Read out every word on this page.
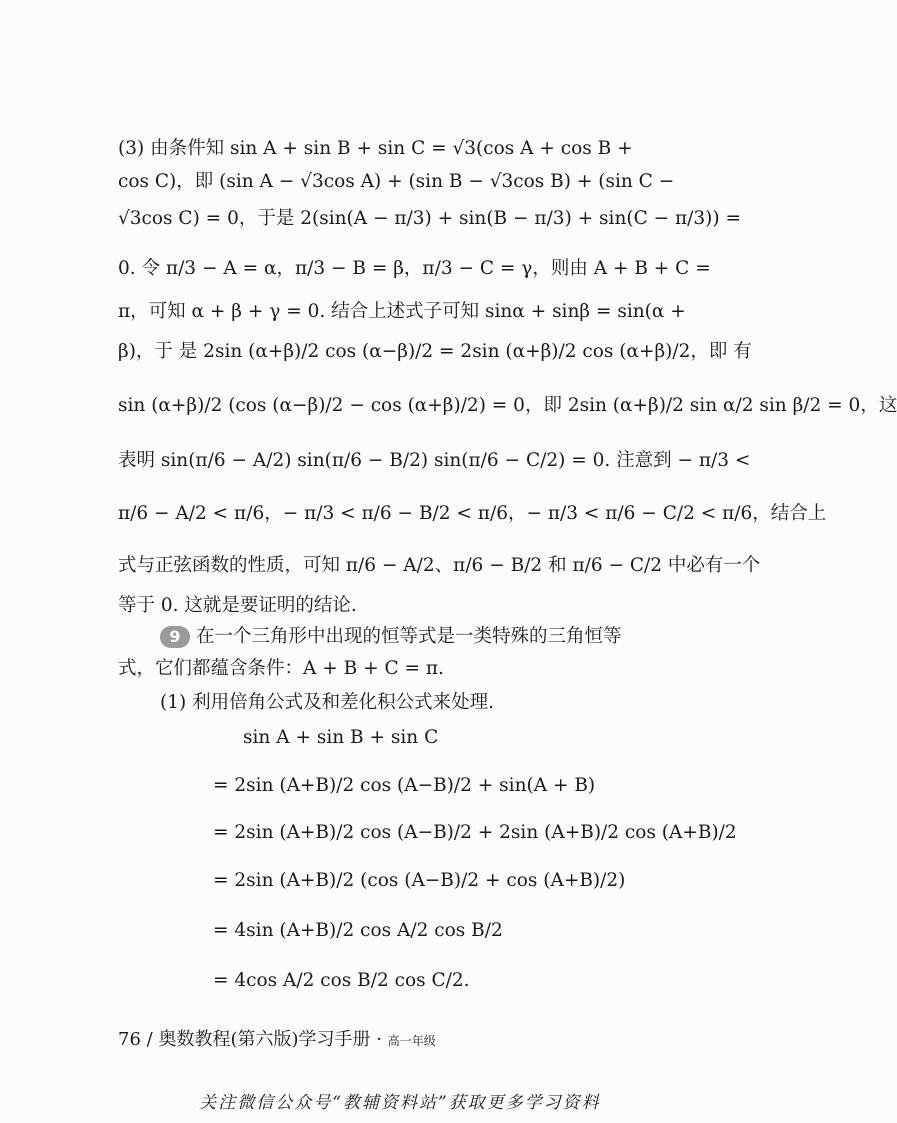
(3) 由条件知 sin A + sin B + sin C = √3(cos A + cos B +
cos C)，即 (sin A − √3cos A) + (sin B − √3cos B) + (sin C −
√3cos C) = 0，于是 2(sin(A − π/3) + sin(B − π/3) + sin(C − π/3)) =
0. 令 π/3 − A = α，π/3 − B = β，π/3 − C = γ，则由 A + B + C =
π，可知 α + β + γ = 0. 结合上述式子可知 sinα + sinβ = sin(α +
β)，于 是 2sin (α+β)/2 cos (α−β)/2 = 2sin (α+β)/2 cos (α+β)/2，即 有
sin (α+β)/2 (cos (α−β)/2 − cos (α+β)/2) = 0，即 2sin (α+β)/2 sin α/2 sin β/2 = 0，这
表明 sin(π/6 − A/2) sin(π/6 − B/2) sin(π/6 − C/2) = 0. 注意到 − π/3 <
π/6 − A/2 < π/6，− π/3 < π/6 − B/2 < π/6，− π/3 < π/6 − C/2 < π/6，结合上
式与正弦函数的性质，可知 π/6 − A/2、π/6 − B/2 和 π/6 − C/2 中必有一个
等于 0. 这就是要证明的结论.
9 在一个三角形中出现的恒等式是一类特殊的三角恒等
式，它们都蕴含条件：A + B + C = π.
(1) 利用倍角公式及和差化积公式来处理.
sin A + sin B + sin C
= 2sin (A+B)/2 cos (A−B)/2 + sin(A + B)
= 2sin (A+B)/2 cos (A−B)/2 + 2sin (A+B)/2 cos (A+B)/2
= 2sin (A+B)/2 (cos (A−B)/2 + cos (A+B)/2)
= 4sin (A+B)/2 cos A/2 cos B/2
= 4cos A/2 cos B/2 cos C/2.
76 / 奥数教程(第六版)学习手册 · 高一年级
关注微信公众号“教辅资料站”获取更多学习资料
